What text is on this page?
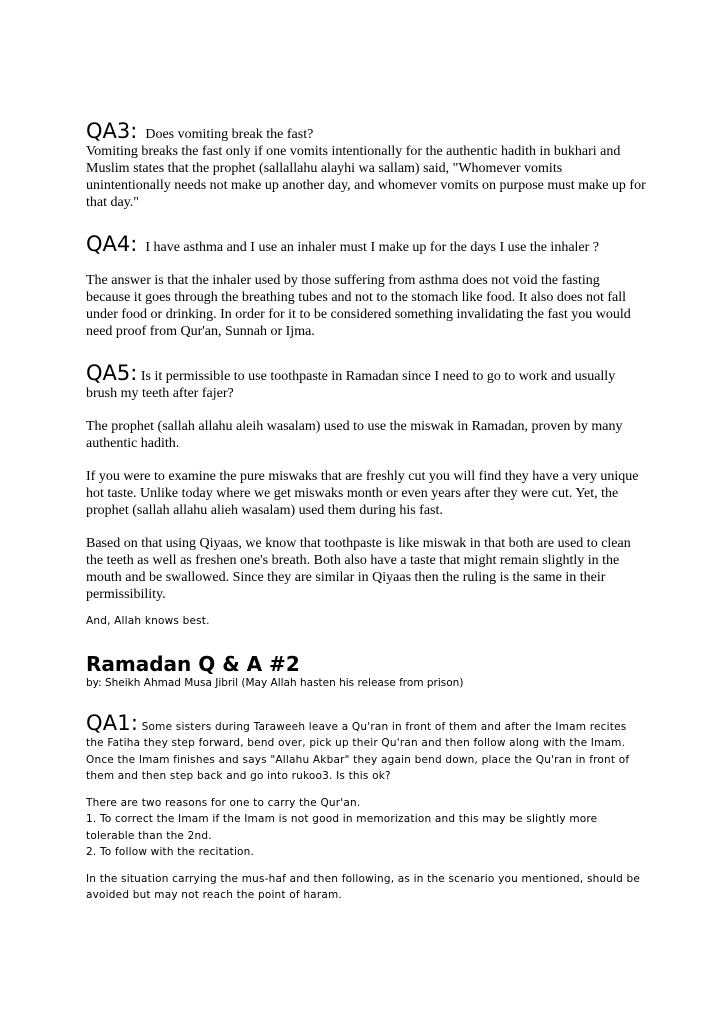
QA3: Does vomiting break the fast?

Vomiting breaks the fast only if one vomits intentionally for the authentic hadith in bukhari and Muslim states that the prophet (sallallahu alayhi wa sallam) said, "Whomever vomits unintentionally needs not make up another day, and whomever vomits on purpose must make up for that day."

QA4: I have asthma and I use an inhaler must I make up for the days I use the inhaler ?

The answer is that the inhaler used by those suffering from asthma does not void the fasting because it goes through the breathing tubes and not to the stomach like food. It also does not fall under food or drinking. In order for it to be considered something invalidating the fast you would need proof from Qur'an, Sunnah or Ijma.

QA5: Is it permissible to use toothpaste in Ramadan since I need to go to work and usually brush my teeth after fajer?

The prophet (sallah allahu aleih wasalam) used to use the miswak in Ramadan, proven by many authentic hadith.

If you were to examine the pure miswaks that are freshly cut you will find they have a very unique hot taste. Unlike today where we get miswaks month or even years after they were cut. Yet, the prophet (sallah allahu alieh wasalam) used them during his fast.

Based on that using Qiyaas, we know that toothpaste is like miswak in that both are used to clean the teeth as well as freshen one's breath. Both also have a taste that might remain slightly in the mouth and be swallowed. Since they are similar in Qiyaas then the ruling is the same in their permissibility.

And, Allah knows best.

Ramadan Q & A #2

by: Sheikh Ahmad Musa Jibril (May Allah hasten his release from prison)

QA1: Some sisters during Taraweeh leave a Qu'ran in front of them and after the Imam recites the Fatiha they step forward, bend over, pick up their Qu'ran and then follow along with the Imam. Once the Imam finishes and says "Allahu Akbar" they again bend down, place the Qu'ran in front of them and then step back and go into rukoo3. Is this ok?

There are two reasons for one to carry the Qur'an.

1. To correct the Imam if the Imam is not good in memorization and this may be slightly more tolerable than the 2nd.

2. To follow with the recitation.

In the situation carrying the mus-haf and then following, as in the scenario you mentioned, should be avoided but may not reach the point of haram.
